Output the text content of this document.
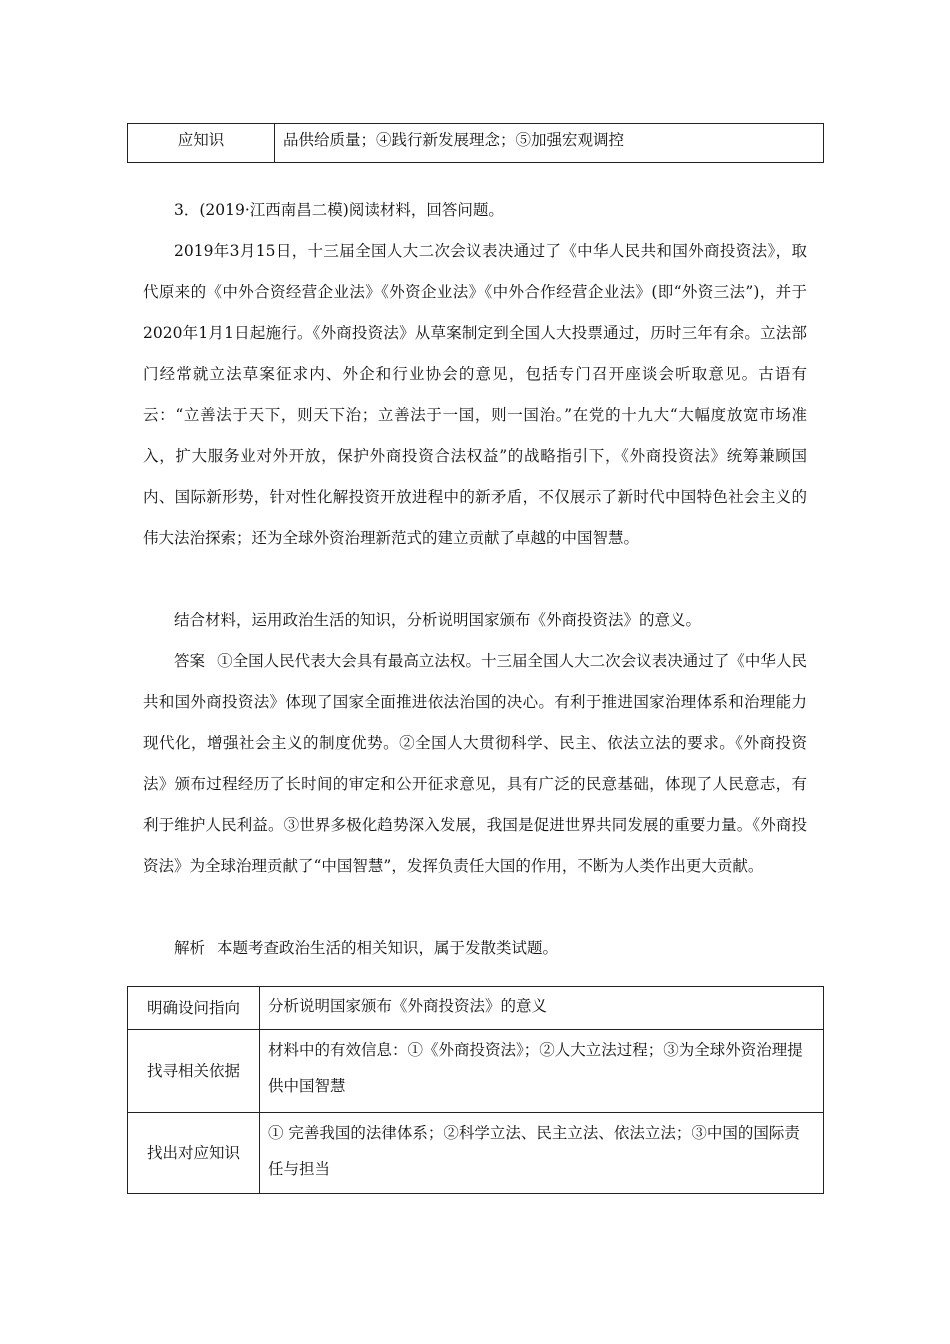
应知识	品供给质量；④践行新发展理念；⑤加强宏观调控

3．(2019·江西南昌二模)阅读材料，回答问题。

2019年3月15日，十三届全国人大二次会议表决通过了《中华人民共和国外商投资法》，取代原来的《中外合资经营企业法》《外资企业法》《中外合作经营企业法》(即“外资三法”)，并于2020年1月1日起施行。《外商投资法》从草案制定到全国人大投票通过，历时三年有余。立法部门经常就立法草案征求内、外企和行业协会的意见，包括专门召开座谈会听取意见。古语有云：“立善法于天下，则天下治；立善法于一国，则一国治。”在党的十九大“大幅度放宽市场准入，扩大服务业对外开放，保护外商投资合法权益”的战略指引下，《外商投资法》统筹兼顾国内、国际新形势，针对性化解投资开放进程中的新矛盾，不仅展示了新时代中国特色社会主义的伟大法治探索；还为全球外资治理新范式的建立贡献了卓越的中国智慧。

结合材料，运用政治生活的知识，分析说明国家颁布《外商投资法》的意义。

答案 ①全国人民代表大会具有最高立法权。十三届全国人大二次会议表决通过了《中华人民共和国外商投资法》体现了国家全面推进依法治国的决心。有利于推进国家治理体系和治理能力现代化，增强社会主义的制度优势。②全国人大贯彻科学、民主、依法立法的要求。《外商投资法》颁布过程经历了长时间的审定和公开征求意见，具有广泛的民意基础，体现了人民意志，有利于维护人民利益。③世界多极化趋势深入发展，我国是促进世界共同发展的重要力量。《外商投资法》为全球治理贡献了“中国智慧”，发挥负责任大国的作用，不断为人类作出更大贡献。

解析 本题考查政治生活的相关知识，属于发散类试题。

明确设问指向	分析说明国家颁布《外商投资法》的意义
找寻相关依据	材料中的有效信息：①《外商投资法》；②人大立法过程；③为全球外资治理提供中国智慧
找出对应知识	① 完善我国的法律体系；②科学立法、民主立法、依法立法；③中国的国际责任与担当
